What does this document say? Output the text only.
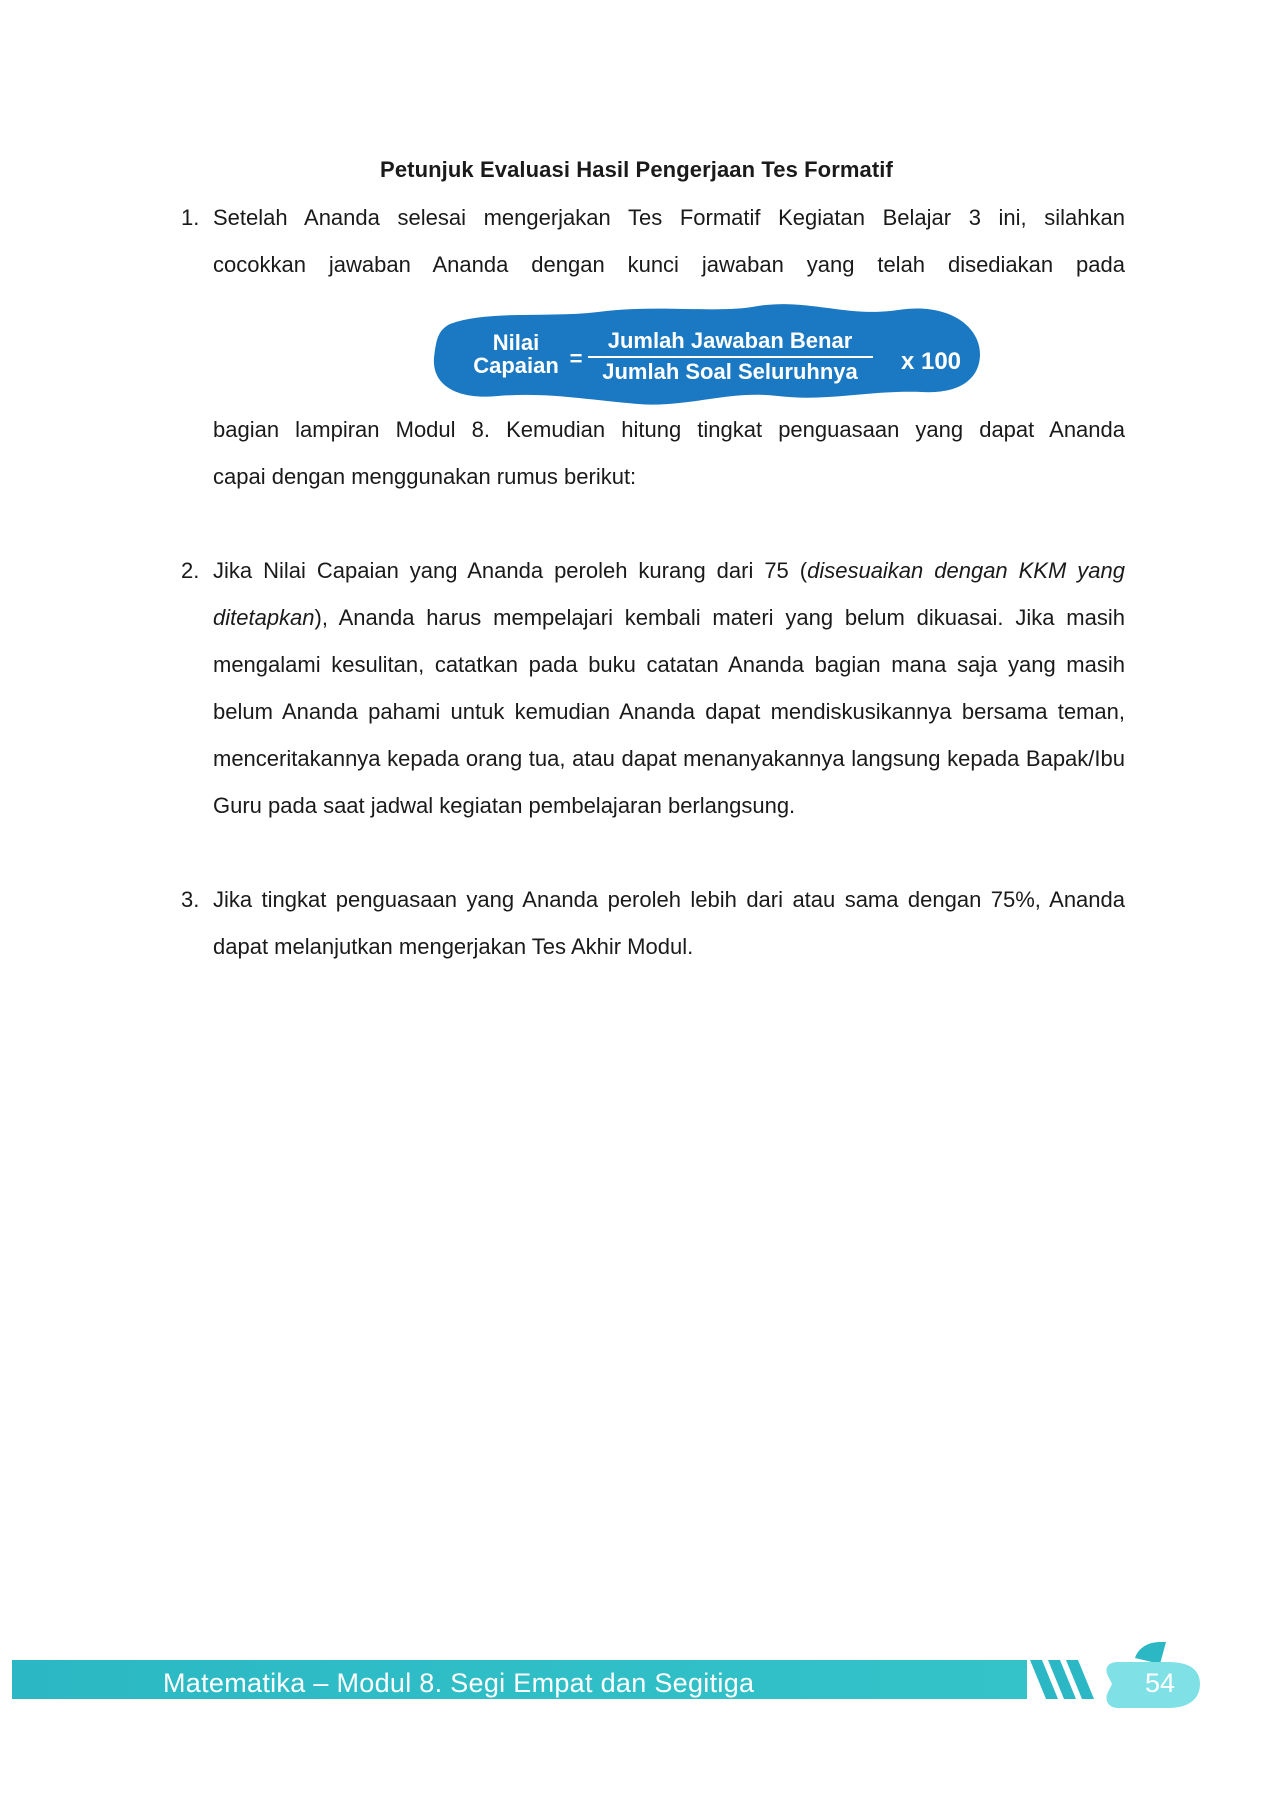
Petunjuk Evaluasi Hasil Pengerjaan Tes Formatif
1. Setelah Ananda selesai mengerjakan Tes Formatif Kegiatan Belajar 3 ini, silahkan
cocokkan jawaban Ananda dengan kunci jawaban yang telah disediakan pada
Nilai
Capaian =
Jumlah Jawaban Benar
Jumlah Soal Seluruhnya x 100
bagian lampiran Modul 8. Kemudian hitung tingkat penguasaan yang dapat Ananda
capai dengan menggunakan rumus berikut:
2. Jika Nilai Capaian yang Ananda peroleh kurang dari 75 (disesuaikan dengan KKM yang ditetapkan), Ananda harus mempelajari kembali materi yang belum dikuasai. Jika masih mengalami kesulitan, catatkan pada buku catatan Ananda bagian mana saja yang masih belum Ananda pahami untuk kemudian Ananda dapat mendiskusikannya bersama teman, menceritakannya kepada orang tua, atau dapat menanyakannya langsung kepada Bapak/Ibu Guru pada saat jadwal kegiatan pembelajaran berlangsung.
3. Jika tingkat penguasaan yang Ananda peroleh lebih dari atau sama dengan 75%, Ananda dapat melanjutkan mengerjakan Tes Akhir Modul.
Matematika – Modul 8. Segi Empat dan Segitiga	54
